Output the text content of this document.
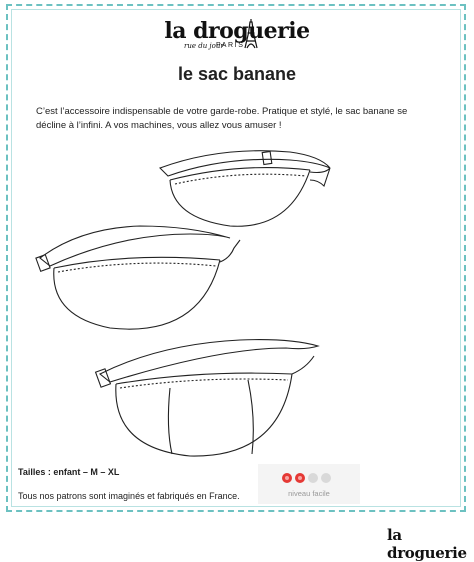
la droguerie
rue du jour
PARIS
le sac banane
C’est l’accessoire indispensable de votre garde-robe. Pratique et stylé, le sac banane se décline à l’infini. A vos machines, vous allez vous amuser !
Tailles : enfant – M – XL
Tous nos patrons sont imaginés et fabriqués en France.	niveau facile
la droguerie
